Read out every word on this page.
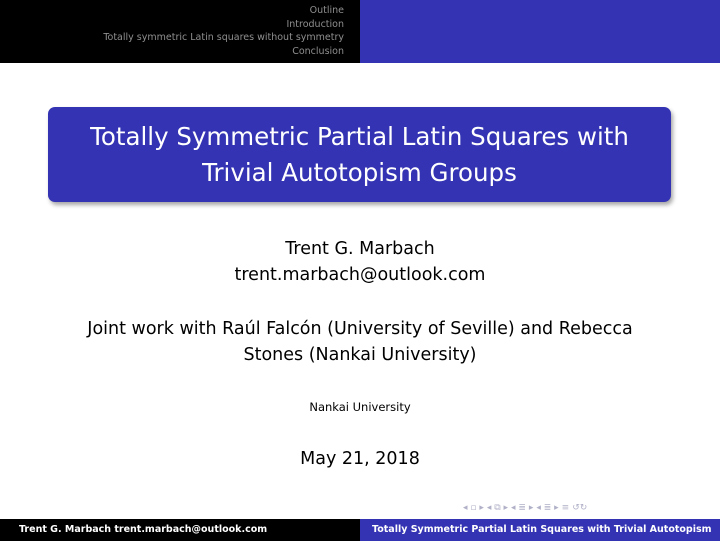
Outline
Introduction
Totally symmetric Latin squares without symmetry
Conclusion
Totally Symmetric Partial Latin Squares with
Trivial Autotopism Groups
Trent G. Marbach
trent.marbach@outlook.com
Joint work with Raúl Falcón (University of Seville) and Rebecca
Stones (Nankai University)
Nankai University
May 21, 2018
◂ ▫ ▸ ◂ ⧉ ▸ ◂ ≣ ▸ ◂ ≣ ▸ ≡ ↺↻
Trent G. Marbach trent.marbach@outlook.com	Totally Symmetric Partial Latin Squares with Trivial Autotopism
